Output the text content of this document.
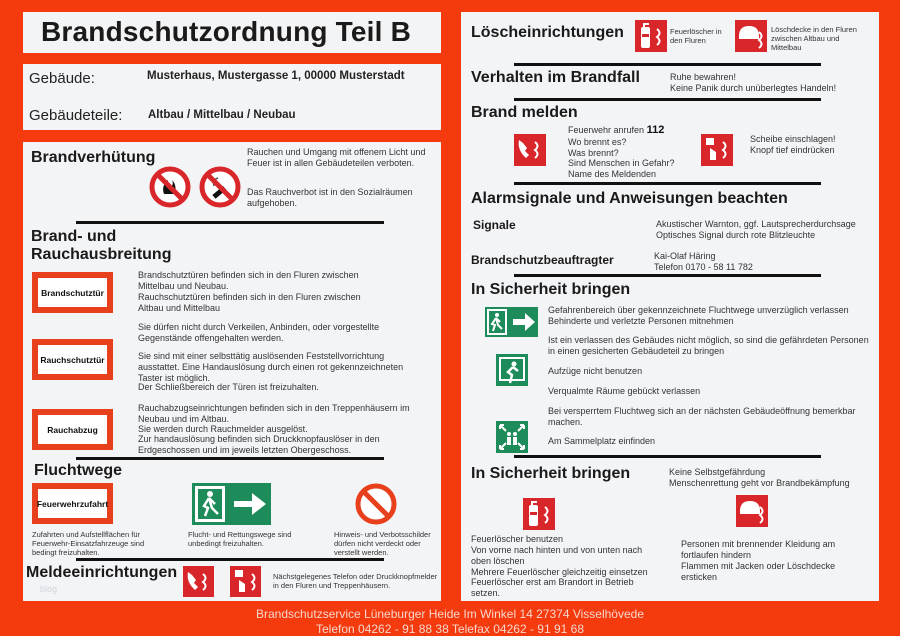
Brandschutzordnung Teil B
Gebäude:	Musterhaus, Mustergasse 1, 00000 Musterstadt
Gebäudeteile: Altbau / Mittelbau / Neubau
Brandverhütung	Rauchen und Umgang mit offenem Licht und Feuer ist in allen Gebäudeteilen verboten.
Das Rauchverbot ist in den Sozialräumen aufgehoben.
Brand- und
Rauchausbreitung
Brandschutztür
Rauchschutztür
Rauchabzug
Brandschutztüren befinden sich in den Fluren zwischen Mittelbau und Neubau.
Rauchschutztüren befinden sich in den Fluren zwischen Altbau und Mittelbau
Sie dürfen nicht durch Verkeilen, Anbinden, oder vorgestellte Gegenstände offengehalten werden.
Sie sind mit einer selbsttätig auslösenden Feststellvorrichtung ausstattet. Eine Handauslösung durch einen rot gekennzeichneten Taster ist möglich.
Der Schließbereich der Türen ist freizuhalten.
Rauchabzugseinrichtungen befinden sich in den Treppenhäusern im Neubau und im Altbau.
Sie werden durch Rauchmelder ausgelöst.
Zur handauslösung befinden sich Druckknopfauslöser in den Erdgeschossen und im jeweils letzten Obergeschoss.
Fluchtwege
Feuerwehrzufahrt
Zufahrten und Aufstellflächen für Feuerwehr-Einsatzfahrzeuge sind bedingt freizuhalten.
Flucht- und Rettungswege sind unbedingt freizuhalten.
Hinweis- und Verbotsschilder dürfen nicht verdeckt oder verstellt werden.
Meldeeinrichtungen
blog
Nächstgelegenes Telefon oder Druckknopfmelder in den Fluren und Treppenhäusern.
Löscheinrichtungen	Feuerlöscher in den Fluren
Löschdecke in den Fluren zwischen Altbau und Mittelbau
Verhalten im Brandfall	Ruhe bewahren!
Keine Panik durch unüberlegtes Handeln!
Brand melden
Feuerwehr anrufen 112
Wo brennt es?
Was brennt?
Sind Menschen in Gefahr?
Name des Meldenden
Scheibe einschlagen!
Knopf tief eindrücken
Alarmsignale und Anweisungen beachten
Signale	Akustischer Warnton, ggf. Lautsprecherdurchsage
Optisches Signal durch rote Blitzleuchte
Brandschutzbeauftragter	Kai-Olaf Häring
Telefon 0170 - 58 11 782
In Sicherheit bringen
Gefahrenbereich über gekennzeichnete Fluchtwege unverzüglich verlassen
Behinderte und verletzte Personen mitnehmen
Ist ein verlassen des Gebäudes nicht möglich, so sind die gefährdeten Personen in einen gesicherten Gebäudeteil zu bringen
Aufzüge nicht benutzen
Verqualmte Räume gebückt verlassen
Bei versperrtem Fluchtweg sich an der nächsten Gebäudeöffnung bemerkbar machen.
Am Sammelplatz einfinden
In Sicherheit bringen	Keine Selbstgefährdung
Menschenrettung geht vor Brandbekämpfung
Feuerlöscher benutzen
Von vorne nach hinten und von unten nach oben löschen
Mehrere Feuerlöscher gleichzeitig einsetzen
Feuerlöscher erst am Brandort in Betrieb setzen.
Personen mit brennender Kleidung am fortlaufen hindern
Flammen mit Jacken oder Löschdecke ersticken
Brandschutzservice Lüneburger Heide Im Winkel 14 27374 Visselhövede
Telefon 04262 - 91 88 38 Telefax 04262 - 91 91 68
